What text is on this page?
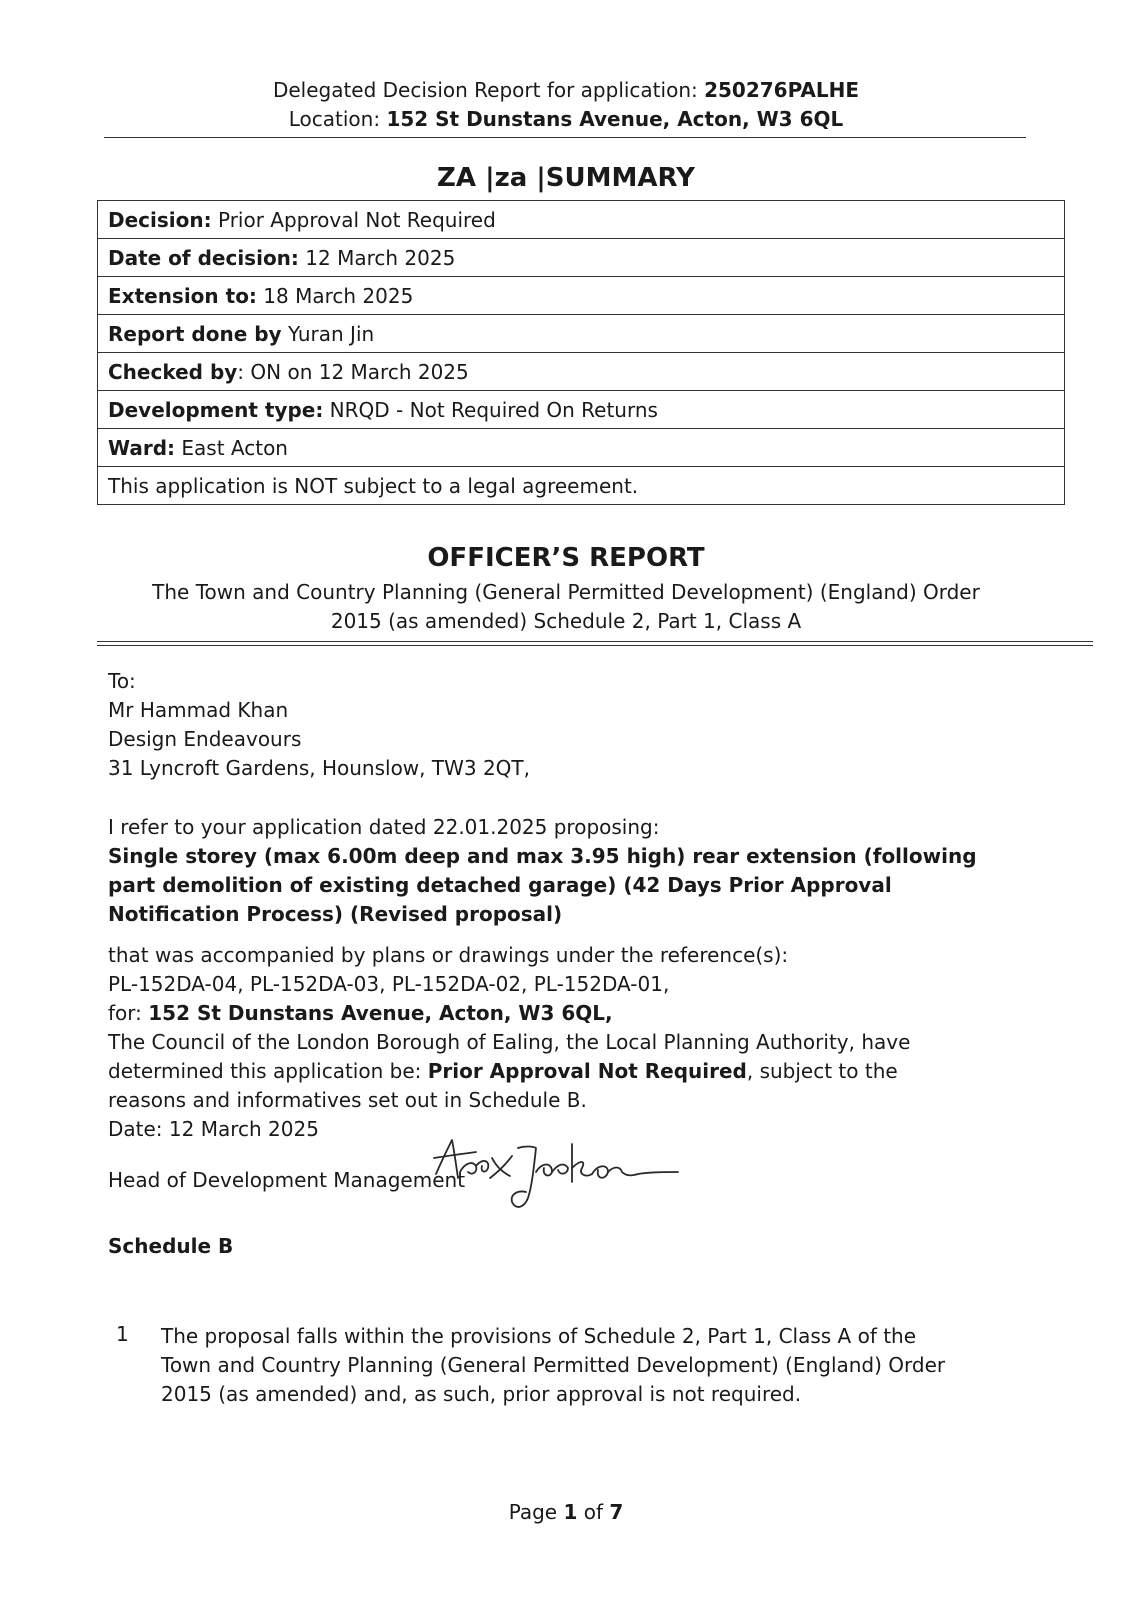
Delegated Decision Report for application: 250276PALHE
Location: 152 St Dunstans Avenue, Acton, W3 6QL
ZA |za |SUMMARY
Decision: Prior Approval Not Required
Date of decision: 12 March 2025
Extension to: 18 March 2025
Report done by Yuran Jin
Checked by: ON on 12 March 2025
Development type: NRQD - Not Required On Returns
Ward: East Acton
This application is NOT subject to a legal agreement.
OFFICER’S REPORT
The Town and Country Planning (General Permitted Development) (England) Order
2015 (as amended) Schedule 2, Part 1, Class A
To:
Mr Hammad Khan
Design Endeavours
31 Lyncroft Gardens, Hounslow, TW3 2QT,
I refer to your application dated 22.01.2025 proposing:
Single storey (max 6.00m deep and max 3.95 high) rear extension (following
part demolition of existing detached garage) (42 Days Prior Approval
Notification Process) (Revised proposal)
that was accompanied by plans or drawings under the reference(s):
PL-152DA-04, PL-152DA-03, PL-152DA-02, PL-152DA-01,
for: 152 St Dunstans Avenue, Acton, W3 6QL,
The Council of the London Borough of Ealing, the Local Planning Authority, have
determined this application be: Prior Approval Not Required, subject to the
reasons and informatives set out in Schedule B.
Date: 12 March 2025
Head of Development Management
Schedule B
1 The proposal falls within the provisions of Schedule 2, Part 1, Class A of the
Town and Country Planning (General Permitted Development) (England) Order
2015 (as amended) and, as such, prior approval is not required.
Page 1 of 7
